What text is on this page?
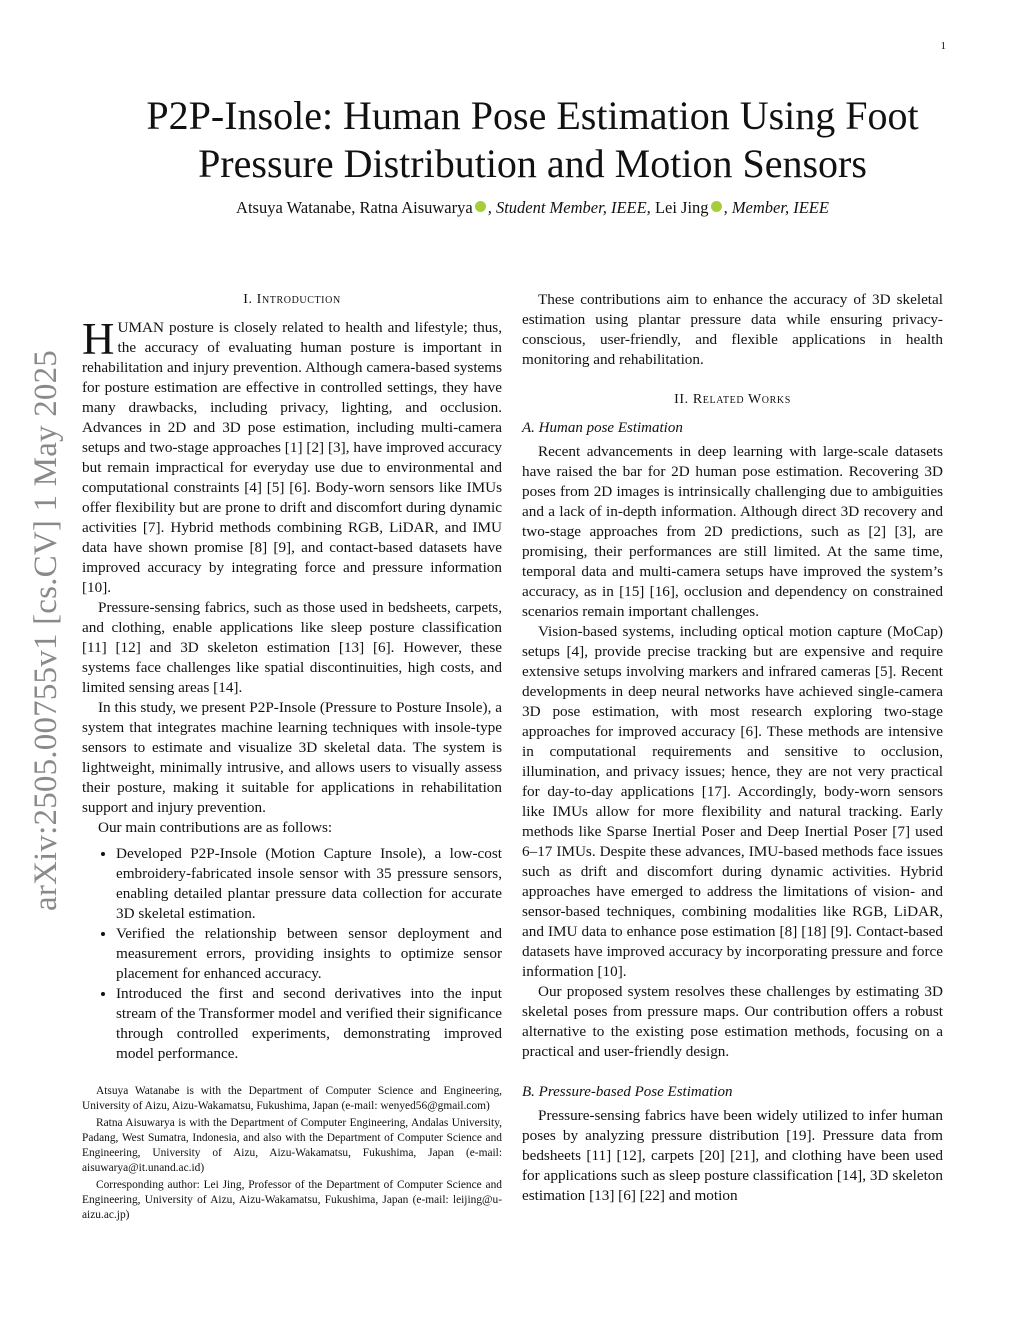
1
arXiv:2505.00755v1 [cs.CV] 1 May 2025
P2P-Insole: Human Pose Estimation Using Foot
Pressure Distribution and Motion Sensors
Atsuya Watanabe, Ratna Aisuwarya , Student Member, IEEE, Lei Jing , Member, IEEE
I. Introduction

HUMAN posture is closely related to health and lifestyle; thus, the accuracy of evaluating human posture is important in rehabilitation and injury prevention. Although camera-based systems for posture estimation are effective in controlled settings, they have many drawbacks, including privacy, lighting, and occlusion. Advances in 2D and 3D pose estimation, including multi-camera setups and two-stage approaches [1] [2] [3], have improved accuracy but remain impractical for everyday use due to environmental and computational constraints [4] [5] [6]. Body-worn sensors like IMUs offer flexibility but are prone to drift and discomfort during dynamic activities [7]. Hybrid methods combining RGB, LiDAR, and IMU data have shown promise [8] [9], and contact-based datasets have improved accuracy by integrating force and pressure information [10].

Pressure-sensing fabrics, such as those used in bedsheets, carpets, and clothing, enable applications like sleep posture classification [11] [12] and 3D skeleton estimation [13] [6]. However, these systems face challenges like spatial discontinuities, high costs, and limited sensing areas [14].

In this study, we present P2P-Insole (Pressure to Posture Insole), a system that integrates machine learning techniques with insole-type sensors to estimate and visualize 3D skeletal data. The system is lightweight, minimally intrusive, and allows users to visually assess their posture, making it suitable for applications in rehabilitation support and injury prevention.

Our main contributions are as follows:

• Developed P2P-Insole (Motion Capture Insole), a low-cost embroidery-fabricated insole sensor with 35 pressure sensors, enabling detailed plantar pressure data collection for accurate 3D skeletal estimation.
• Verified the relationship between sensor deployment and measurement errors, providing insights to optimize sensor placement for enhanced accuracy.
• Introduced the first and second derivatives into the input stream of the Transformer model and verified their significance through controlled experiments, demonstrating improved model performance.

Atsuya Watanabe is with the Department of Computer Science and Engineering, University of Aizu, Aizu-Wakamatsu, Fukushima, Japan (e-mail: wenyed56@gmail.com)

Ratna Aisuwarya is with the Department of Computer Engineering, Andalas University, Padang, West Sumatra, Indonesia, and also with the Department of Computer Science and Engineering, University of Aizu, Aizu-Wakamatsu, Fukushima, Japan (e-mail: aisuwarya@it.unand.ac.id)

Corresponding author: Lei Jing, Professor of the Department of Computer Science and Engineering, University of Aizu, Aizu-Wakamatsu, Fukushima, Japan (e-mail: leijing@u-aizu.ac.jp)

These contributions aim to enhance the accuracy of 3D skeletal estimation using plantar pressure data while ensuring privacy-conscious, user-friendly, and flexible applications in health monitoring and rehabilitation.

II. Related Works
A. Human pose Estimation

Recent advancements in deep learning with large-scale datasets have raised the bar for 2D human pose estimation. Recovering 3D poses from 2D images is intrinsically challenging due to ambiguities and a lack of in-depth information. Although direct 3D recovery and two-stage approaches from 2D predictions, such as [2] [3], are promising, their performances are still limited. At the same time, temporal data and multi-camera setups have improved the system’s accuracy, as in [15] [16], occlusion and dependency on constrained scenarios remain important challenges.

Vision-based systems, including optical motion capture (MoCap) setups [4], provide precise tracking but are expensive and require extensive setups involving markers and infrared cameras [5]. Recent developments in deep neural networks have achieved single-camera 3D pose estimation, with most research exploring two-stage approaches for improved accuracy [6]. These methods are intensive in computational requirements and sensitive to occlusion, illumination, and privacy issues; hence, they are not very practical for day-to-day applications [17]. Accordingly, body-worn sensors like IMUs allow for more flexibility and natural tracking. Early methods like Sparse Inertial Poser and Deep Inertial Poser [7] used 6–17 IMUs. Despite these advances, IMU-based methods face issues such as drift and discomfort during dynamic activities. Hybrid approaches have emerged to address the limitations of vision- and sensor-based techniques, combining modalities like RGB, LiDAR, and IMU data to enhance pose estimation [8] [18] [9]. Contact-based datasets have improved accuracy by incorporating pressure and force information [10].

Our proposed system resolves these challenges by estimating 3D skeletal poses from pressure maps. Our contribution offers a robust alternative to the existing pose estimation methods, focusing on a practical and user-friendly design.

B. Pressure-based Pose Estimation

Pressure-sensing fabrics have been widely utilized to infer human poses by analyzing pressure distribution [19]. Pressure data from bedsheets [11] [12], carpets [20] [21], and clothing have been used for applications such as sleep posture classification [14], 3D skeleton estimation [13] [6] [22] and motion
